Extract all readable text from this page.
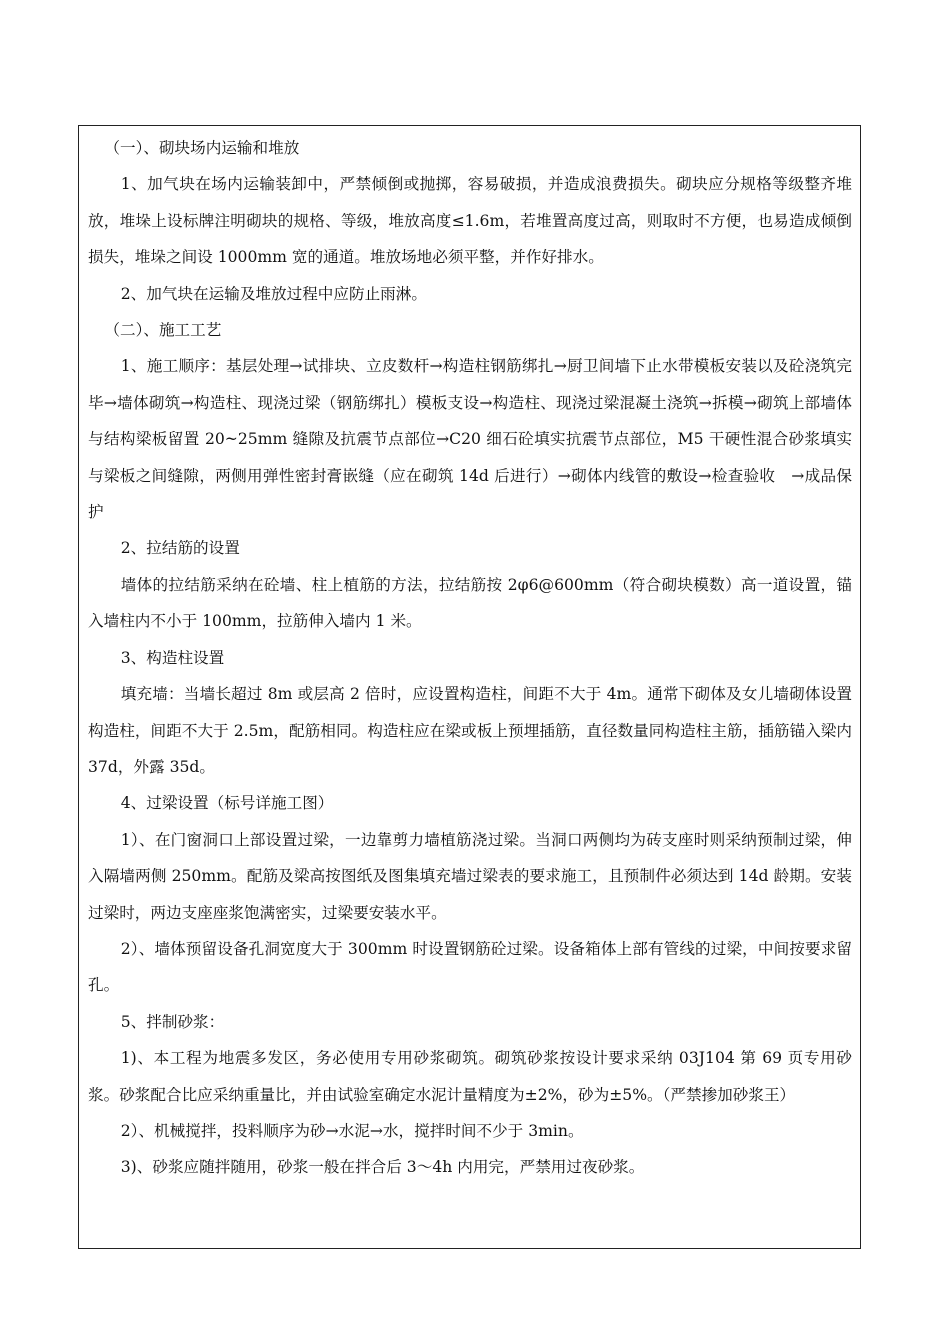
（一）、砌块场内运输和堆放

1、加气块在场内运输装卸中，严禁倾倒或抛掷，容易破损，并造成浪费损失。砌块应分规格等级整齐堆放，堆垛上设标牌注明砌块的规格、等级，堆放高度≤1.6m，若堆置高度过高，则取时不方便，也易造成倾倒损失，堆垛之间设 1000mm 宽的通道。堆放场地必须平整，并作好排水。

2、加气块在运输及堆放过程中应防止雨淋。

（二）、施工工艺

1、施工顺序：基层处理→试排块、立皮数杆→构造柱钢筋绑扎→厨卫间墙下止水带模板安装以及砼浇筑完毕→墙体砌筑→构造柱、现浇过梁（钢筋绑扎）模板支设→构造柱、现浇过梁混凝土浇筑→拆模→砌筑上部墙体与结构梁板留置 20~25mm 缝隙及抗震节点部位→C20 细石砼填实抗震节点部位，M5 干硬性混合砂浆填实与梁板之间缝隙，两侧用弹性密封膏嵌缝（应在砌筑 14d 后进行）→砌体内线管的敷设→检查验收　→成品保护

2、拉结筋的设置

墙体的拉结筋采纳在砼墙、柱上植筋的方法，拉结筋按 2φ6@600mm（符合砌块模数）高一道设置，锚入墙柱内不小于 100mm，拉筋伸入墙内 1 米。

3、构造柱设置

填充墙：当墙长超过 8m 或层高 2 倍时，应设置构造柱，间距不大于 4m。通常下砌体及女儿墙砌体设置构造柱，间距不大于 2.5m，配筋相同。构造柱应在梁或板上预埋插筋，直径数量同构造柱主筋，插筋锚入梁内 37d，外露 35d。

4、过梁设置（标号详施工图）

1）、在门窗洞口上部设置过梁，一边靠剪力墙植筋浇过梁。当洞口两侧均为砖支座时则采纳预制过梁，伸入隔墙两侧 250mm。配筋及梁高按图纸及图集填充墙过梁表的要求施工，且预制件必须达到 14d 龄期。安装过梁时，两边支座座浆饱满密实，过梁要安装水平。

2）、墙体预留设备孔洞宽度大于 300mm 时设置钢筋砼过梁。设备箱体上部有管线的过梁，中间按要求留孔。

5、拌制砂浆：

1)、本工程为地震多发区，务必使用专用砂浆砌筑。砌筑砂浆按设计要求采纳 03J104 第 69 页专用砂浆。砂浆配合比应采纳重量比，并由试验室确定水泥计量精度为±2%，砂为±5%。（严禁掺加砂浆王）

2）、机械搅拌，投料顺序为砂→水泥→水，搅拌时间不少于 3min。

3)、砂浆应随拌随用，砂浆一般在拌合后 3～4h 内用完，严禁用过夜砂浆。
